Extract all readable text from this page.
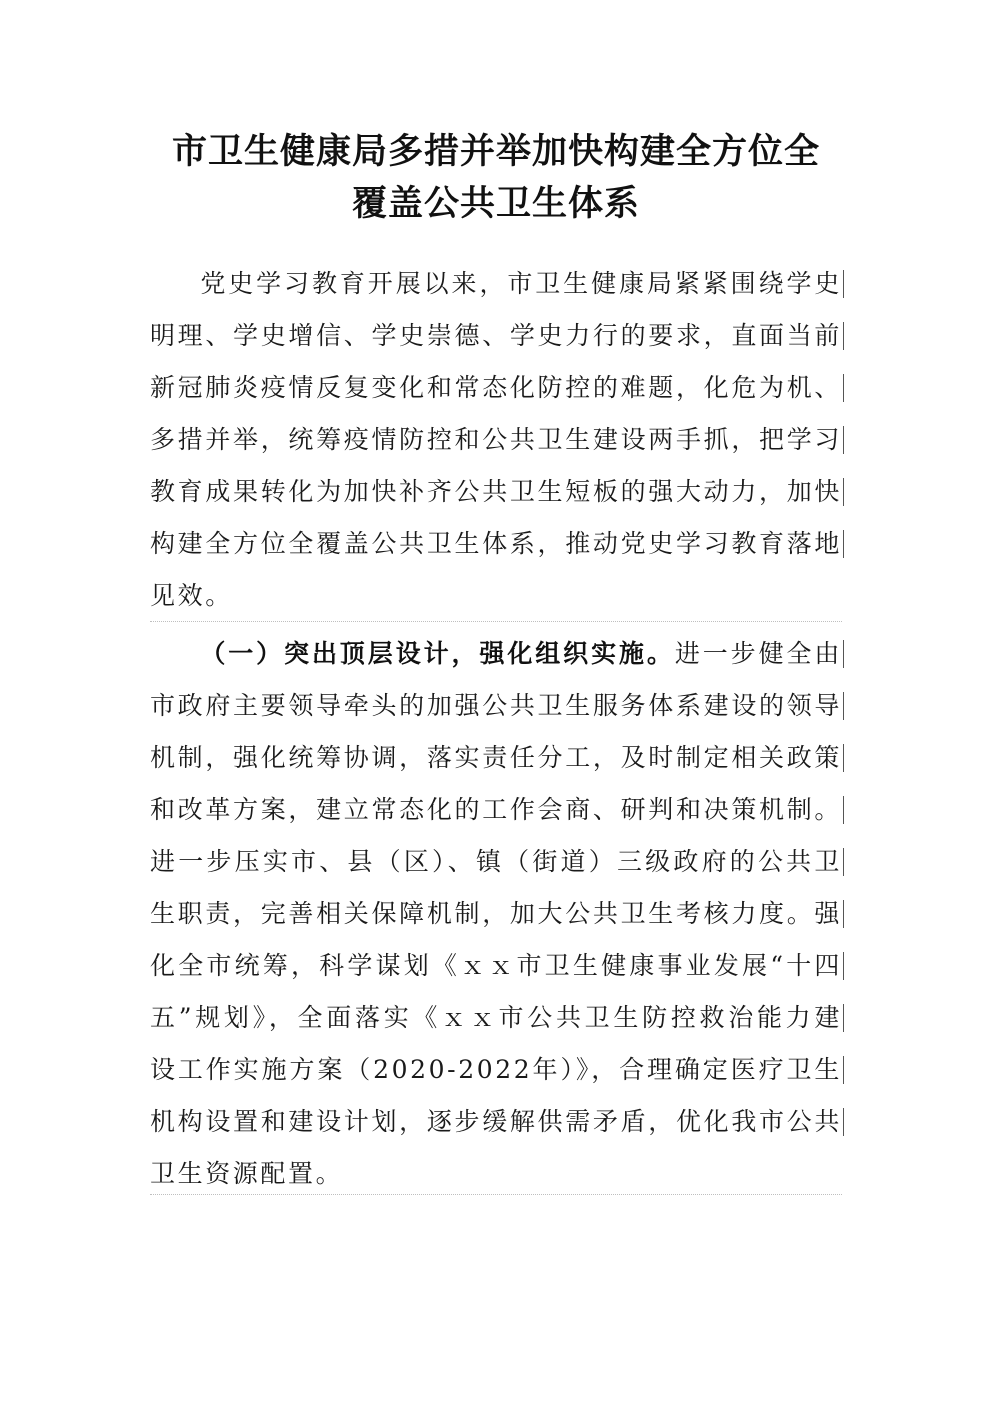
市卫生健康局多措并举加快构建全方位全
覆盖公共卫生体系
党史学习教育开展以来，市卫生健康局紧紧围绕学史明理、学史增信、学史崇德、学史力行的要求，直面当前新冠肺炎疫情反复变化和常态化防控的难题，化危为机、多措并举，统筹疫情防控和公共卫生建设两手抓，把学习教育成果转化为加快补齐公共卫生短板的强大动力，加快构建全方位全覆盖公共卫生体系，推动党史学习教育落地见效。
（一）突出顶层设计，强化组织实施。进一步健全由市政府主要领导牵头的加强公共卫生服务体系建设的领导机制，强化统筹协调，落实责任分工，及时制定相关政策和改革方案，建立常态化的工作会商、研判和决策机制。进一步压实市、县（区）、镇（街道）三级政府的公共卫生职责，完善相关保障机制，加大公共卫生考核力度。强化全市统筹，科学谋划《ｘｘ市卫生健康事业发展“十四五”规划》，全面落实《ｘｘ市公共卫生防控救治能力建设工作实施方案（2020-2022年）》，合理确定医疗卫生机构设置和建设计划，逐步缓解供需矛盾，优化我市公共卫生资源配置。
